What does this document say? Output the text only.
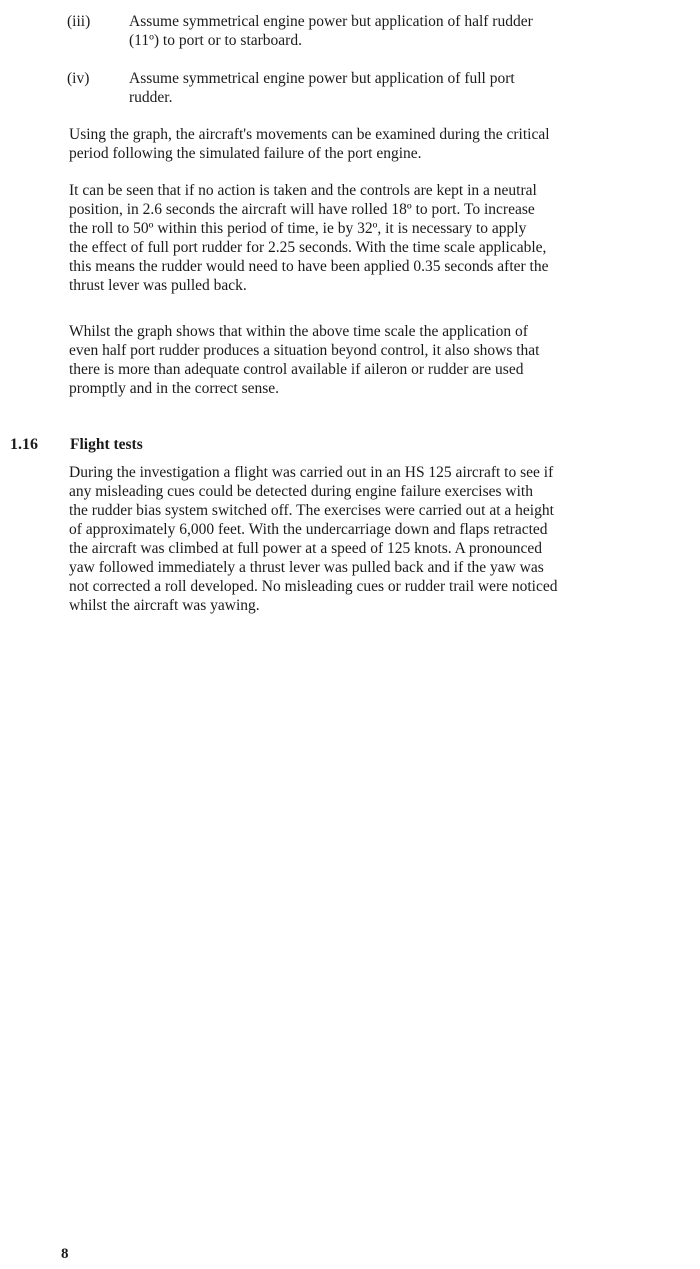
(iii)	Assume symmetrical engine power but application of half rudder
(11º) to port or to starboard.
(iv)	Assume symmetrical engine power but application of full port
rudder.
Using the graph, the aircraft's movements can be examined during the critical
period following the simulated failure of the port engine.
It can be seen that if no action is taken and the controls are kept in a neutral
position, in 2.6 seconds the aircraft will have rolled 18º to port. To increase
the roll to 50º within this period of time, ie by 32º, it is necessary to apply
the effect of full port rudder for 2.25 seconds. With the time scale applicable,
this means the rudder would need to have been applied 0.35 seconds after the
thrust lever was pulled back.
Whilst the graph shows that within the above time scale the application of
even half port rudder produces a situation beyond control, it also shows that
there is more than adequate control available if aileron or rudder are used
promptly and in the correct sense.
1.16 Flight tests
During the investigation a flight was carried out in an HS 125 aircraft to see if
any misleading cues could be detected during engine failure exercises with
the rudder bias system switched off. The exercises were carried out at a height
of approximately 6,000 feet. With the undercarriage down and flaps retracted
the aircraft was climbed at full power at a speed of 125 knots. A pronounced
yaw followed immediately a thrust lever was pulled back and if the yaw was
not corrected a roll developed. No misleading cues or rudder trail were noticed
whilst the aircraft was yawing.
8
